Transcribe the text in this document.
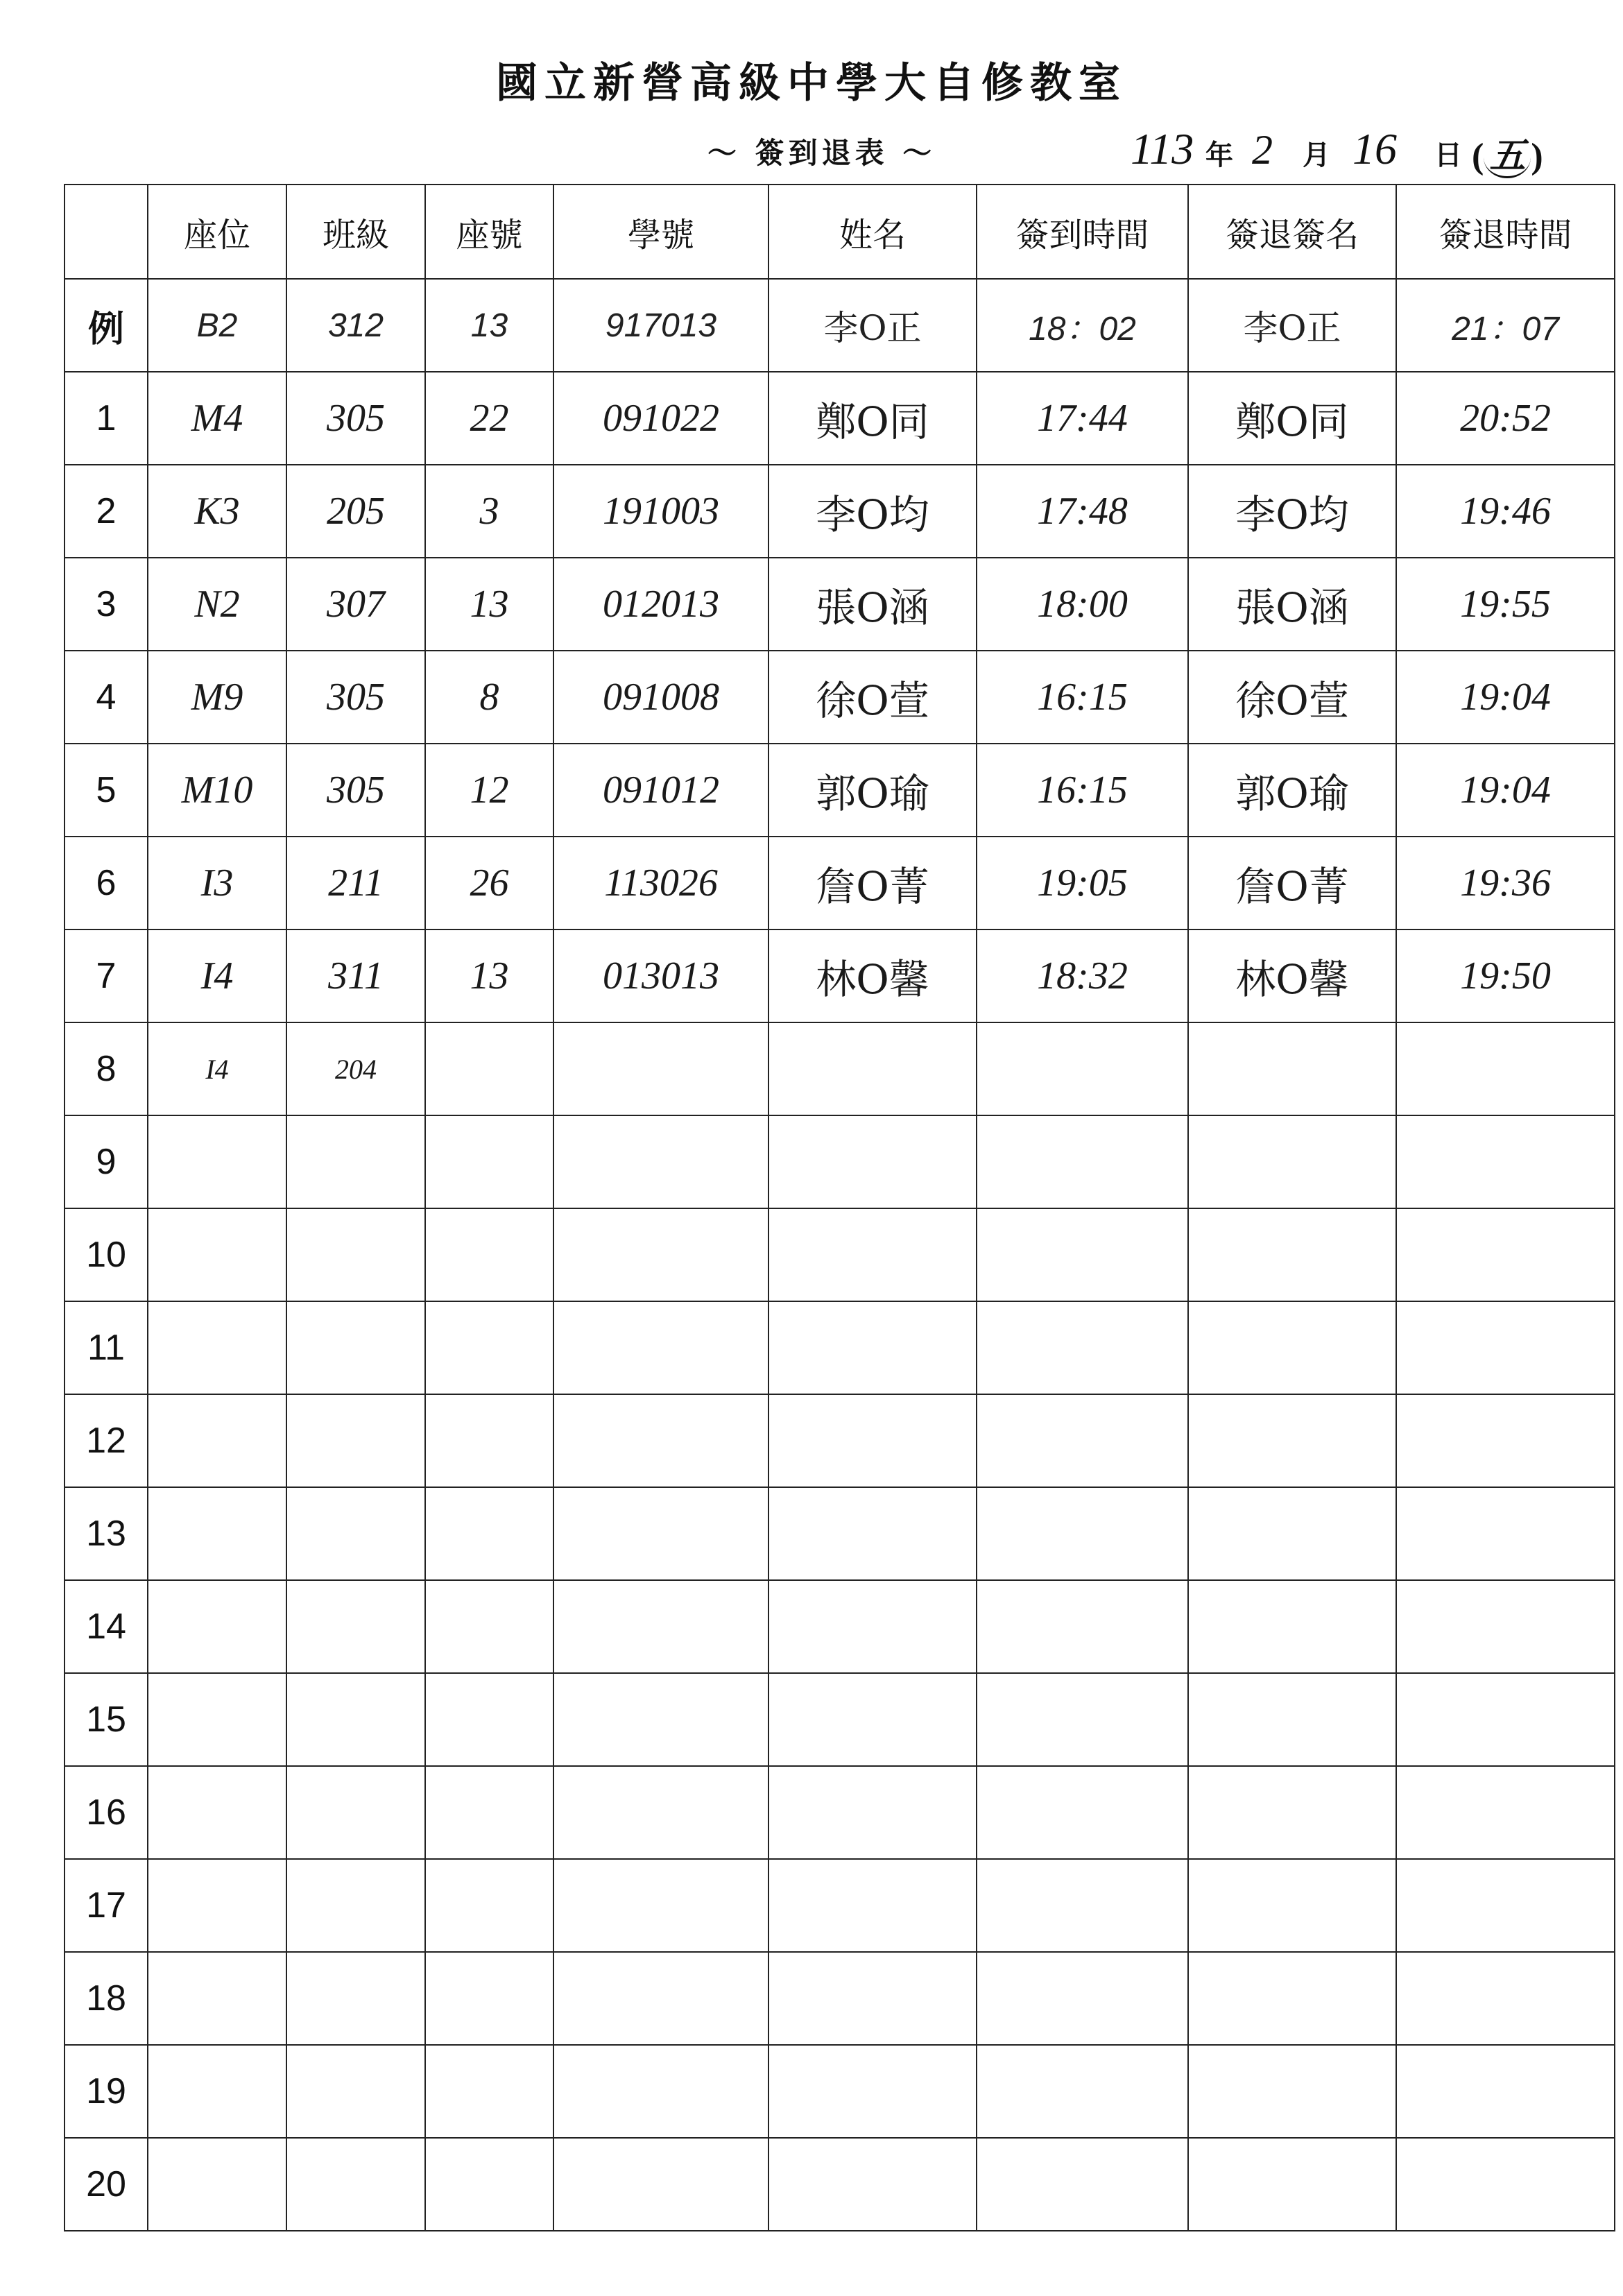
國立新營高級中學大自修教室
～ 簽到退表 ～	113 年 2 月 16 日 ( 五 )
	座位	班級	座號	學號	姓名	簽到時間	簽退簽名	簽退時間
例	B2	312	13	917013	李O正	18：02	李O正	21：07
1	M4	305	22	091022	鄭O同	17:44	鄭O同	20:52
2	K3	205	3	191003	李O均	17:48	李O均	19:46
3	N2	307	13	012013	張O涵	18:00	張O涵	19:55
4	M9	305	8	091008	徐O萱	16:15	徐O萱	19:04
5	M10	305	12	091012	郭O瑜	16:15	郭O瑜	19:04
6	I3	211	26	113026	詹O菁	19:05	詹O菁	19:36
7	I4	311	13	013013	林O馨	18:32	林O馨	19:50
8	I4	204						
9								
10								
11								
12								
13								
14								
15								
16								
17								
18								
19								
20								
